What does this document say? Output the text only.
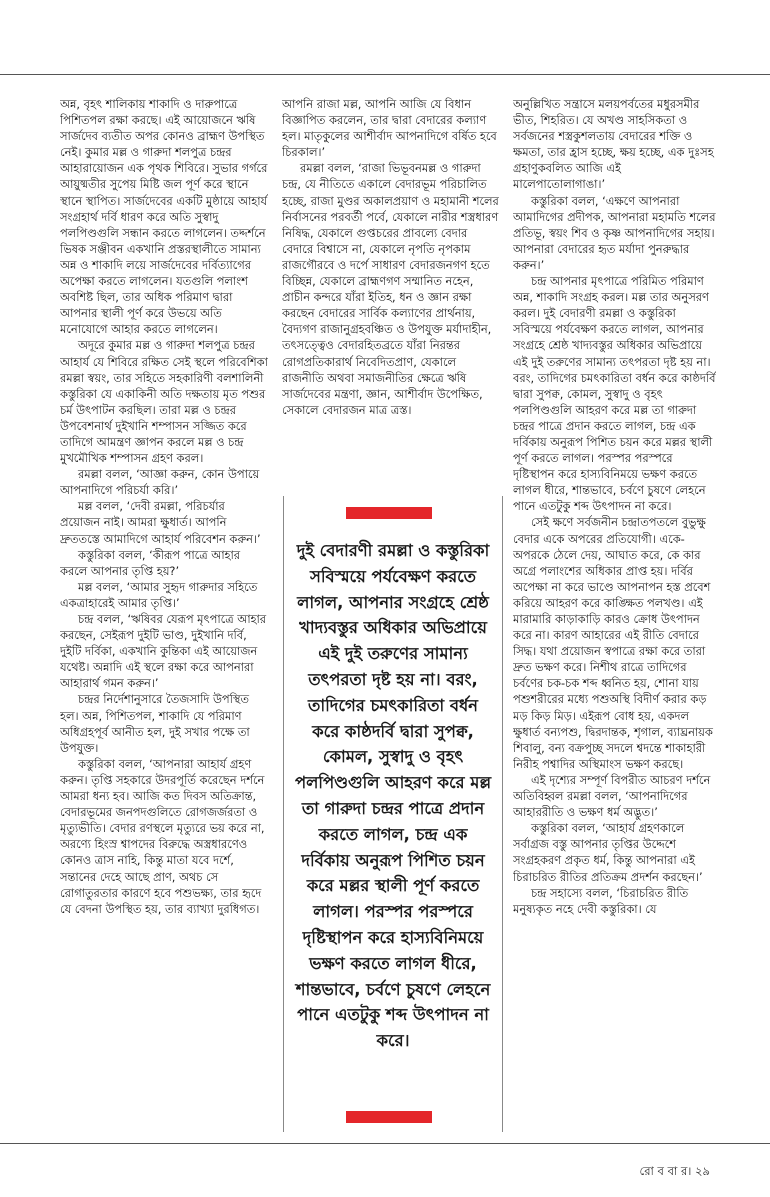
অন্ন, বৃহৎ শালিকায় শাকাদি ও দারুপাত্রে পিশিতপল রক্ষা করছে। এই আয়োজনে ঋষি সার্জদেব ব্যতীত অপর কোনও ব্রাহ্মণ উপস্থিত নেই। কুমার মল্ল ও গারুদা শলপুত্র চন্দ্রর আহারায়োজন এক পৃথক শিবিরে। সুভার গর্গরে আয়ুষ্মতীর সুপেয় মিষ্টি জল পূর্ণ করে স্থানে স্থানে স্থাপিত। সার্জদেবের একটি মুষ্ঠায়ে আহার্য সংগ্রহার্থ দর্বি ধারণ করে অতি সুস্বাদু পলপিণ্ডগুলি সন্ধান করতে লাগলেন। তদ্দর্শনে ভিষক সঞ্জীবন একখানি প্রস্তরস্থালীতে সামান্য অন্ন ও শাকাদি লয়ে সার্জদেবের দর্বিত্যাগের অপেক্ষা করতে লাগলেন। যতগুলি পলাংশ অবশিষ্ট ছিল, তার অধিক পরিমাণ দ্বারা আপনার স্থালী পূর্ণ করে উভয়ে অতি মনোযোগে আহার করতে লাগলেন।

অদূরে কুমার মল্ল ও গারুদা শলপুত্র চন্দ্রর আহার্য যে শিবিরে রক্ষিত সেই স্থলে পরিবেশিকা রমল্লা স্বয়ং, তার সহিতে সহকারিণী বলশালিনী কস্তুরিকা যে একাকিনী অতি দক্ষতায় মৃত পশুর চর্ম উৎপাটন করছিল। তারা মল্ল ও চন্দ্রর উপবেশনার্থ দুইখানি শম্পাসন সজ্জিত করে তাদিগে আমন্ত্রণ জ্ঞাপন করলে মল্ল ও চন্দ্র মুখমৌখিক শম্পাসন গ্রহণ করল।

রমল্লা বলল, ‘আজ্ঞা করুন, কোন উপায়ে আপনাদিগে পরিচর্যা করি।’

মল্ল বলল, ‘দেবী রমল্লা, পরিচর্যার প্রয়োজন নাই। আমরা ক্ষুধার্ত। আপনি দ্রুততস্তে আমাদিগে আহার্য পরিবেশন করুন।’

কস্তুরিকা বলল, ‘কীরূপ পাত্রে আহার করলে আপনার তৃপ্তি হয়?’

মল্ল বলল, ‘আমার সুহৃদ গারুদার সহিতে একত্রাহারেই আমার তৃপ্তি।’

চন্দ্র বলল, ‘ঋষিবর যেরূপ মৃৎপাত্রে আহার করছেন, সেইরূপ দুইটি ভাণ্ড, দুইখানি দর্বি, দুইটি দর্বিকা, একখানি কুন্তিকা এই আয়োজন যথেষ্ট। অন্নাদি এই স্থলে রক্ষা করে আপনারা আহারার্থ গমন করুন।’

চন্দ্রর নির্দেশানুসারে তৈজসাদি উপস্থিত হল। অন্ন, পিশিতপল, শাকাদি যে পরিমাণ অধিগ্রহপূর্ব আনীত হল, দুই সখার পক্ষে তা উপযুক্ত।

কস্তুরিকা বলল, ‘আপনারা আহার্য গ্রহণ করুন। তৃপ্তি সহকারে উদরপূর্তি করেছেন দর্শনে আমরা ধন্য হব। আজি কত দিবস অতিক্রান্ত, বেদারভূমের জনপদগুলিতে রোগজর্জরতা ও মৃত্যুভীতি। বেদার রণস্থলে মৃত্যুরে ভয় করে না, অরণ্যে হিংস্র শ্বাপদের বিরুদ্ধে অস্ত্রধারণেও কোনও ত্রাস নাহি, কিন্তু মাতা যবে দর্শে, সন্তানের দেহে আছে প্রাণ, অথচ সে রোগাতুরতার কারণে হবে পশুভক্ষ্য, তার হৃদে যে বেদনা উপস্থিত হয়, তার ব্যাখ্যা দুরধিগত।

আপনি রাজা মল্ল, আপনি আজি যে বিধান বিজ্ঞাপিত করলেন, তার দ্বারা বেদারের কল্যাণ হল। মাতৃকুলের আশীর্বাদ আপনাদিগে বর্ষিত হবে চিরকাল।’

রমল্লা বলল, ‘রাজা ভিভূবনমল্ল ও গারুদা চন্দ্র, যে নীতিতে একালে বেদারভূম পরিচালিত হচ্ছে, রাজা মুণ্ডর অকালপ্রয়াণ ও মহামানী শলের নির্বাসনের পরবর্তী পর্বে, যেকালে নারীর শস্ত্রধারণ নিষিদ্ধ, যেকালে গুপ্তচরের প্রাবল্যে বেদার বেদারে বিশ্বাসে না, যেকালে নৃপতি নৃপকাম রাজগৌরবে ও দর্পে সাধারণ বেদারজনগণ হতে বিচ্ছিন্ন, যেকালে ব্রাহ্মণগণ সম্মানিত নহেন, প্রাচীন কন্দরে যাঁরা ইতিহ, ধন ও জ্ঞান রক্ষা করছেন বেদারের সার্বিক কল্যাণের প্রার্থনায়, বৈদ্যগণ রাজানুগ্রহবঞ্চিত ও উপযুক্ত মর্যাদাহীন, তৎসত্ত্বেও বেদারহিতব্রতে যাঁরা নিরন্তর রোগপ্রতিকারার্থ নিবেদিতপ্রাণ, যেকালে রাজনীতি অথবা সমাজনীতির ক্ষেত্রে ঋষি সার্জদেবের মন্ত্রণা, জ্ঞান, আশীর্বাদ উপেক্ষিত, সেকালে বেদারজন মাত্র ত্রস্ত।

দুই বেদারণী রমল্লা ও কস্তুরিকা সবিস্ময়ে পর্যবেক্ষণ করতে লাগল, আপনার সংগ্রহে শ্রেষ্ঠ খাদ্যবস্তুর অধিকার অভিপ্রায়ে এই দুই তরুণের সামান্য তৎপরতা দৃষ্ট হয় না। বরং, তাদিগের চমৎকারিতা বর্ধন করে কাষ্ঠদর্বি দ্বারা সুপক্ব, কোমল, সুস্বাদু ও বৃহৎ পলপিণ্ডগুলি আহরণ করে মল্ল তা গারুদা চন্দ্রর পাত্রে প্রদান করতে লাগল, চন্দ্র এক দর্বিকায় অনুরূপ পিশিত চয়ন করে মল্লর স্থালী পূর্ণ করতে লাগল। পরস্পর পরস্পরে দৃষ্টিস্থাপন করে হাস্যবিনিময়ে ভক্ষণ করতে লাগল ধীরে, শান্তভাবে, চর্বণে চুষণে লেহনে পানে এতটুকু শব্দ উৎপাদন না করে।

অনুল্লিখিত সন্ত্রাসে মলয়পর্বতের মধুরসমীর ভীত, শিহরিত। যে অখণ্ড সাহসিকতা ও সর্বজনের শস্ত্রকুশলতায় বেদারের শক্তি ও ক্ষমতা, তার হ্রাস হচ্ছে, ক্ষয় হচ্ছে, এক দুঃসহ গ্রহাণুকবলিত আজি এই মালেপাতোলাগাঙা।’

কস্তুরিকা বলল, ‘এক্ষণে আপনারা আমাদিগের প্রদীপক, আপনারা মহামতি শলের প্রতিভূ, স্বয়ং শিব ও কৃষ্ণ আপনাদিগের সহায়। আপনারা বেদারের হৃত মর্যাদা পুনরুদ্ধার করুন।’

চন্দ্র আপনার মৃৎপাত্রে পরিমিত পরিমাণ অন্ন, শাকাদি সংগ্রহ করল। মল্ল তার অনুসরণ করল। দুই বেদারণী রমল্লা ও কস্তুরিকা সবিস্ময়ে পর্যবেক্ষণ করতে লাগল, আপনার সংগ্রহে শ্রেষ্ঠ খাদ্যবস্তুর অধিকার অভিপ্রায়ে এই দুই তরুণের সামান্য তৎপরতা দৃষ্ট হয় না। বরং, তাদিগের চমৎকারিতা বর্ধন করে কাষ্ঠদর্বি দ্বারা সুপক্ব, কোমল, সুস্বাদু ও বৃহৎ পলপিণ্ডগুলি আহরণ করে মল্ল তা গারুদা চন্দ্রর পাত্রে প্রদান করতে লাগল, চন্দ্র এক দর্বিকায় অনুরূপ পিশিত চয়ন করে মল্লর স্থালী পূর্ণ করতে লাগল। পরস্পর পরস্পরে দৃষ্টিস্থাপন করে হাস্যবিনিময়ে ভক্ষণ করতে লাগল ধীরে, শান্তভাবে, চর্বণে চুষণে লেহনে পানে এতটুকু শব্দ উৎপাদন না করে।

সেই ক্ষণে সর্বজনীন চন্দ্রাতপতলে বুভুক্ষু বেদার একে অপরের প্রতিযোগী। একে-অপরকে ঠেলে দেয়, আঘাত করে, কে কার অগ্রে পলাংশের অধিকার প্রাপ্ত হয়। দর্বির অপেক্ষা না করে ভাণ্ডে আপনাপন হস্ত প্রবেশ করিয়ে আহরণ করে কাঙ্ক্ষিত পলখণ্ড। এই মারামারি কাড়াকাড়ি কারও ক্রোধ উৎপাদন করে না। কারণ আহারের এই রীতি বেদারে সিদ্ধ। যথা প্রয়োজন স্বপাত্রে রক্ষা করে তারা দ্রুত ভক্ষণ করে। নিশীথ রাত্রে তাদিগের চর্বণের চক-চক শব্দ ধ্বনিত হয়, শোনা যায় পশুশরীরের মধ্যে পশুঅস্থি বিদীর্ণ করার কড় মড় কিড় মিড়। এইরূপ বোধ হয়, একদল ক্ষুধার্ত বন্যপশু, দ্বিরদান্তক, শৃগাল, ব্যাঘ্রনায়ক শিবালু, বন্য বক্রপুচ্ছ সদলে শ্বদন্তে শাকাহারী নিরীহ পশ্বাদির অস্থিমাংস ভক্ষণ করছে।

এই দৃশ্যের সম্পূর্ণ বিপরীত আচরণ দর্শনে অতিবিহ্বল রমল্লা বলল, ‘আপনাদিগের আহাররীতি ও ভক্ষণ ধর্ম অদ্ভুত।’

কস্তুরিকা বলল, ‘আহার্য গ্রহণকালে সর্বাগ্রজ বস্তু আপনার তৃপ্তির উদ্দেশে সংগ্রহকরণ প্রকৃত ধর্ম, কিন্তু আপনারা এই চিরাচরিত রীতির প্রতিক্রম প্রদর্শন করছেন।’

চন্দ্র সহাস্যে বলল, ‘চিরাচরিত রীতি মনুষ্যকৃত নহে দেবী কস্তুরিকা। যে

রো ব বা র। ২৯
